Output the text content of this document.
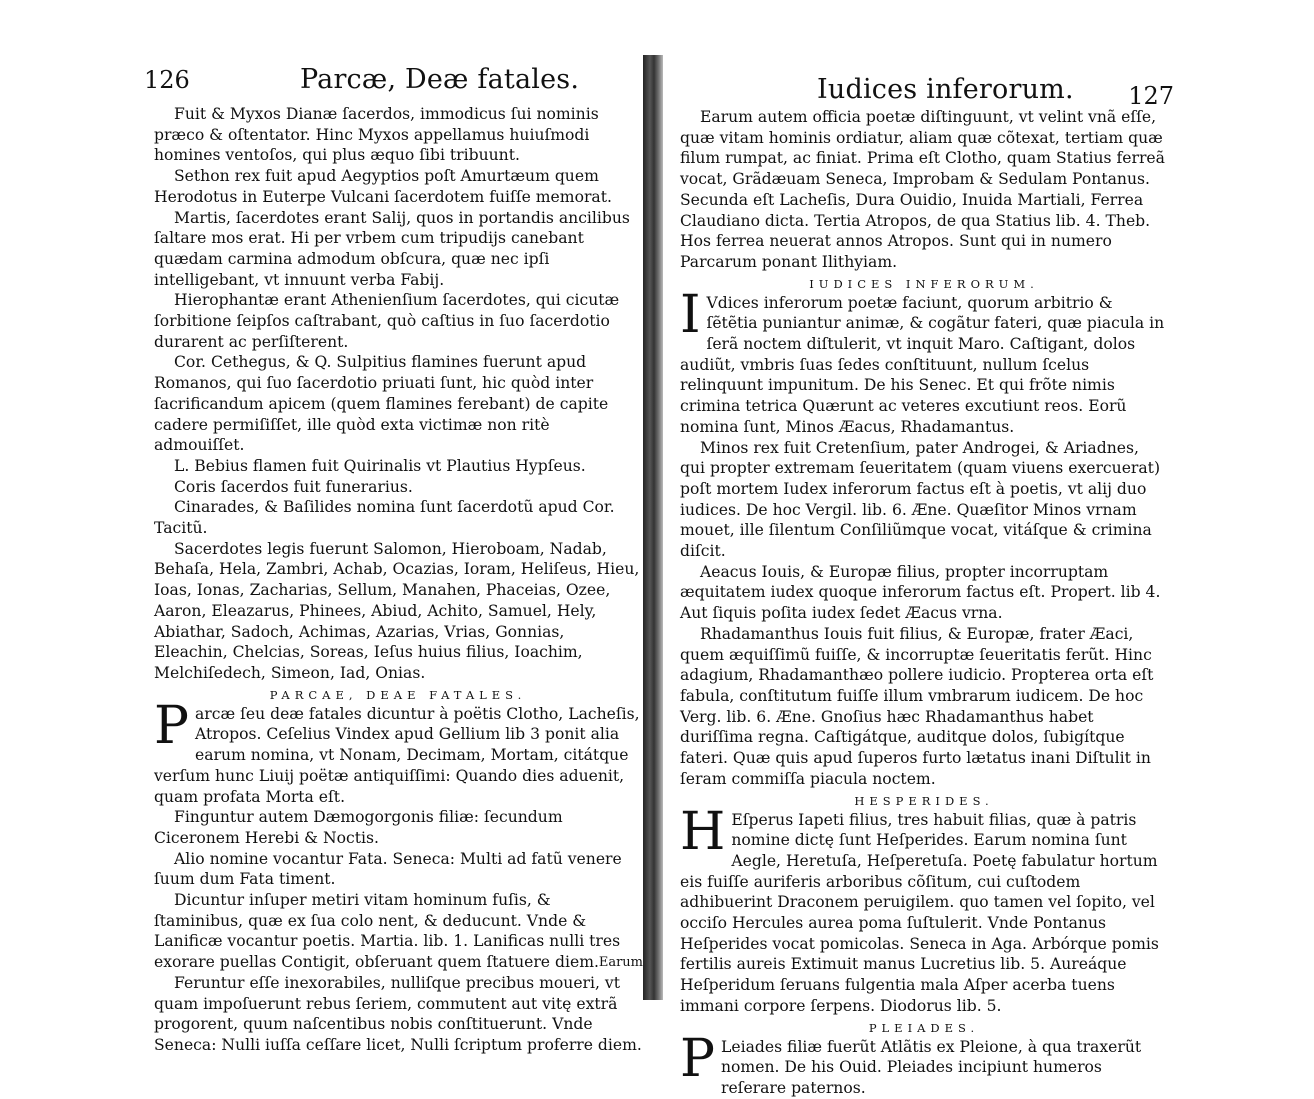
126	Parcæ, Deæ fatales.

Fuit & Myxos Dianæ ſacerdos, immodicus ſui nominis præco & oſtentator. Hinc Myxos appellamus huiuſmodi homines ventoſos, qui plus æquo ſibi tribuunt.

Sethon rex fuit apud Aegyptios poſt Amurtæum quem Herodotus in Euterpe Vulcani ſacerdotem fuiſſe memorat.

Martis, ſacerdotes erant Salij, quos in portandis ancilibus ſaltare mos erat. Hi per vrbem cum tripudijs canebant quædam carmina admodum obſcura, quæ nec ipſi intelligebant, vt innuunt verba Fabij.

Hierophantæ erant Athenienſium ſacerdotes, qui cicutæ ſorbitione ſeipſos caſtrabant, quò caſtius in ſuo ſacerdotio durarent ac perſiſterent.

Cor. Cethegus, & Q. Sulpitius flamines fuerunt apud Romanos, qui ſuo ſacerdotio priuati ſunt, hic quòd inter ſacrificandum apicem (quem flamines ferebant) de capite cadere permiſiſſet, ille quòd exta victimæ non ritè admouiſſet.

L. Bebius flamen fuit Quirinalis vt Plautius Hypſeus.

Coris ſacerdos fuit funerarius.

Cinarades, & Baſilides nomina ſunt ſacerdotũ apud Cor. Tacitũ.

Sacerdotes legis fuerunt Salomon, Hieroboam, Nadab, Behaſa, Hela, Zambri, Achab, Ocazias, Ioram, Heliſeus, Hieu, Ioas, Ionas, Zacharias, Sellum, Manahen, Phaceias, Ozee, Aaron, Eleazarus, Phinees, Abiud, Achito, Samuel, Hely, Abiathar, Sadoch, Achimas, Azarias, Vrias, Gonnias, Eleachin, Chelcias, Soreas, Ieſus huius filius, Ioachim, Melchiſedech, Simeon, Iad, Onias.

PARCAE, DEAE FATALES.

Parcæ ſeu deæ fatales dicuntur à poëtis Clotho, Lacheſis, Atropos. Ceſelius Vindex apud Gellium lib 3 ponit alia earum nomina, vt Nonam, Decimam, Mortam, citátque verſum hunc Liuij poëtæ antiquiſſimi: Quando dies aduenit, quam profata Morta eſt.

Finguntur autem Dæmogorgonis filiæ: ſecundum Ciceronem Herebi & Noctis.

Alio nomine vocantur Fata. Seneca: Multi ad fatũ venere ſuum dum Fata timent.

Dicuntur inſuper metiri vitam hominum fuſis, & ſtaminibus, quæ ex ſua colo nent, & deducunt. Vnde & Lanificæ vocantur poetis. Martia. lib. 1. Lanificas nulli tres exorare puellas Contigit, obſeruant quem ſtatuere diem.

Feruntur eſſe inexorabiles, nulliſque precibus moueri, vt quam impoſuerunt rebus ſeriem, commutent aut vitę extrã progorent, quum naſcentibus nobis conſtituerunt. Vnde Seneca: Nulli iuſſa ceſſare licet, Nulli ſcriptum proferre diem.

Earum
127
Iudices inferorum.

Earum autem officia poetæ diſtinguunt, vt velint vnã eſſe, quæ vitam hominis ordiatur, aliam quæ cõtexat, tertiam quæ filum rumpat, ac finiat. Prima eſt Clotho, quam Statius ferreã vocat, Grãdæuam Seneca, Improbam & Sedulam Pontanus. Secunda eſt Lacheſis, Dura Ouidio, Inuida Martiali, Ferrea Claudiano dicta. Tertia Atropos, de qua Statius lib. 4. Theb. Hos ferrea neuerat annos Atropos. Sunt qui in numero Parcarum ponant Ilithyiam.

IUDICES INFERORUM.

I Vdices inferorum poetæ faciunt, quorum arbitrio & ſẽtẽtia puniantur animæ, & cogãtur fateri, quæ piacula in ſerã noctem diſtulerit, vt inquit Maro. Caſtigant, dolos audiũt, vmbris ſuas ſedes conſtituunt, nullum ſcelus relinquunt impunitum. De his Senec. Et qui frõte nimis crimina tetrica Quærunt ac veteres excutiunt reos. Eorũ nomina ſunt, Minos Æacus, Rhadamantus.

Minos rex fuit Cretenſium, pater Androgei, & Ariadnes, qui propter extremam ſeueritatem (quam viuens exercuerat) poſt mortem Iudex inferorum factus eſt à poetis, vt alij duo iudices. De hoc Vergil. lib. 6. Æne. Quæſitor Minos vrnam mouet, ille ſilentum Conſiliũmque vocat, vitáſque & crimina diſcit.

Aeacus Iouis, & Europæ filius, propter incorruptam æquitatem iudex quoque inferorum factus eſt. Propert. lib 4. Aut ſiquis poſita iudex ſedet Æacus vrna.

Rhadamanthus Iouis fuit filius, & Europæ, frater Æaci, quem æquiſſimũ fuiſſe, & incorruptæ ſeueritatis ferũt. Hinc adagium, Rhadamanthæo pollere iudicio. Propterea orta eſt fabula, conſtitutum fuiſſe illum vmbrarum iudicem. De hoc Verg. lib. 6. Æne. Gnoſius hæc Rhadamanthus habet duriſſima regna. Caſtigátque, auditque dolos, ſubigítque fateri. Quæ quis apud ſuperos furto lætatus inani Diſtulit in ſeram commiſſa piacula noctem.

HESPERIDES.

H Eſperus Iapeti filius, tres habuit filias, quæ à patris nomine dictę ſunt Heſperides. Earum nomina ſunt Aegle, Heretuſa, Heſperetuſa. Poetę fabulatur hortum eis fuiſſe auriferis arboribus cõſitum, cui cuſtodem adhibuerint Draconem peruigilem. quo tamen vel ſopito, vel occiſo Hercules aurea poma ſuſtulerit. Vnde Pontanus Heſperides vocat pomicolas. Seneca in Aga. Arbórque pomis fertilis aureis Extimuit manus Lucretius lib. 5. Aureáque Heſperidum ſeruans fulgentia mala Aſper acerba tuens immani corpore ſerpens. Diodorus lib. 5.

PLEIADES.

P Leiades filiæ fuerũt Atlãtis ex Pleione, à qua traxerũt nomen. De his Ouid. Pleiades incipiunt humeros reſerare paternos.
